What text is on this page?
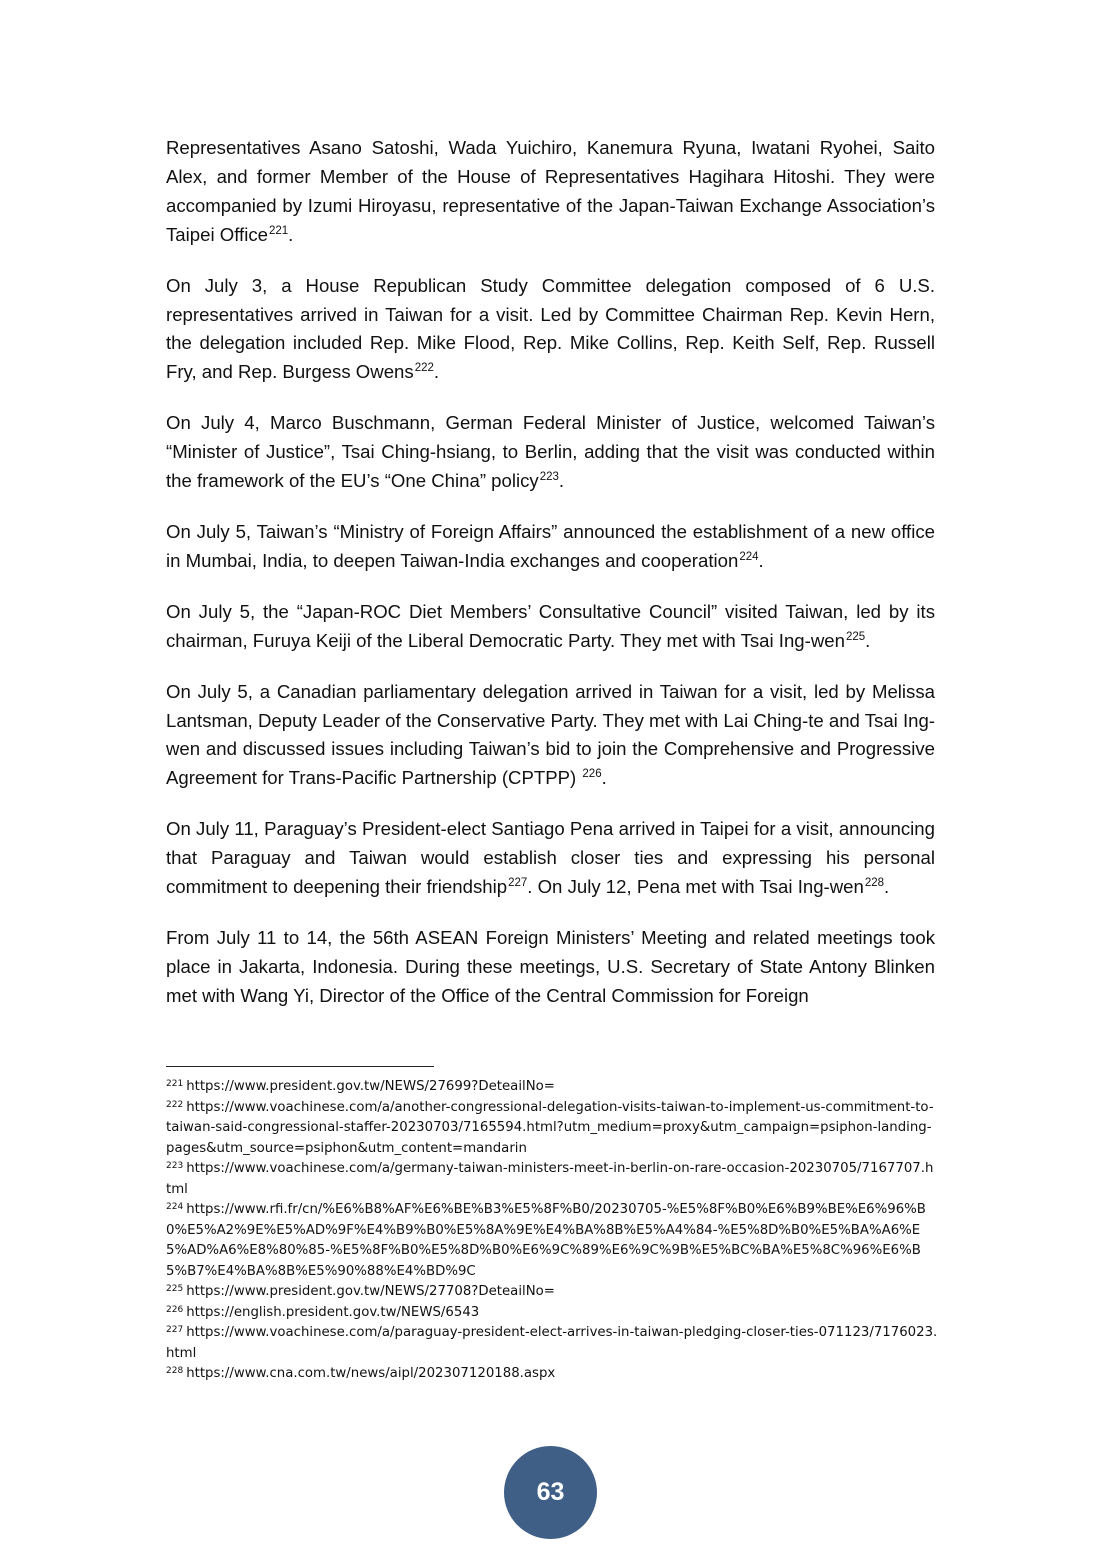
Representatives Asano Satoshi, Wada Yuichiro, Kanemura Ryuna, Iwatani Ryohei, Saito Alex, and former Member of the House of Representatives Hagihara Hitoshi. They were accompanied by Izumi Hiroyasu, representative of the Japan-Taiwan Exchange Association’s Taipei Office$^{221}$.

On July 3, a House Republican Study Committee delegation composed of 6 U.S. representatives arrived in Taiwan for a visit. Led by Committee Chairman Rep. Kevin Hern, the delegation included Rep. Mike Flood, Rep. Mike Collins, Rep. Keith Self, Rep. Russell Fry, and Rep. Burgess Owens$^{222}$.

On July 4, Marco Buschmann, German Federal Minister of Justice, welcomed Taiwan’s “Minister of Justice”, Tsai Ching-hsiang, to Berlin, adding that the visit was conducted within the framework of the EU’s “One China” policy$^{223}$.

On July 5, Taiwan’s “Ministry of Foreign Affairs” announced the establishment of a new office in Mumbai, India, to deepen Taiwan-India exchanges and cooperation$^{224}$.

On July 5, the “Japan-ROC Diet Members’ Consultative Council” visited Taiwan, led by its chairman, Furuya Keiji of the Liberal Democratic Party. They met with Tsai Ing-wen$^{225}$.

On July 5, a Canadian parliamentary delegation arrived in Taiwan for a visit, led by Melissa Lantsman, Deputy Leader of the Conservative Party. They met with Lai Ching-te and Tsai Ing-wen and discussed issues including Taiwan’s bid to join the Comprehensive and Progressive Agreement for Trans-Pacific Partnership (CPTPP) $^{226}$.

On July 11, Paraguay’s President-elect Santiago Pena arrived in Taipei for a visit, announcing that Paraguay and Taiwan would establish closer ties and expressing his personal commitment to deepening their friendship$^{227}$. On July 12, Pena met with Tsai Ing-wen$^{228}$.

From July 11 to 14, the 56th ASEAN Foreign Ministers’ Meeting and related meetings took place in Jakarta, Indonesia. During these meetings, U.S. Secretary of State Antony Blinken met with Wang Yi, Director of the Office of the Central Commission for Foreign

$^{221}$ https://www.president.gov.tw/NEWS/27699?DeteailNo=

$^{222}$ https://www.voachinese.com/a/another-congressional-delegation-visits-taiwan-to-implement-us-commitment-to-taiwan-said-congressional-staffer-20230703/7165594.html?utm_medium=proxy&utm_campaign=psiphon-landing-pages&utm_source=psiphon&utm_content=mandarin

$^{223}$ https://www.voachinese.com/a/germany-taiwan-ministers-meet-in-berlin-on-rare-occasion-20230705/7167707.html

$^{224}$ https://www.rfi.fr/cn/%E6%B8%AF%E6%BE%B3%E5%8F%B0/20230705-%E5%8F%B0%E6%B9%BE%E6%96%B0%E5%A2%9E%E5%AD%9F%E4%B9%B0%E5%8A%9E%E4%BA%8B%E5%A4%84-%E5%8D%B0%E5%BA%A6%E5%AD%A6%E8%80%85-%E5%8F%B0%E5%8D%B0%E6%9C%89%E6%9C%9B%E5%BC%BA%E5%8C%96%E6%B5%B7%E4%BA%8B%E5%90%88%E4%BD%9C

$^{225}$ https://www.president.gov.tw/NEWS/27708?DeteailNo=

$^{226}$ https://english.president.gov.tw/NEWS/6543

$^{227}$ https://www.voachinese.com/a/paraguay-president-elect-arrives-in-taiwan-pledging-closer-ties-071123/7176023.html

$^{228}$ https://www.cna.com.tw/news/aipl/202307120188.aspx

63
